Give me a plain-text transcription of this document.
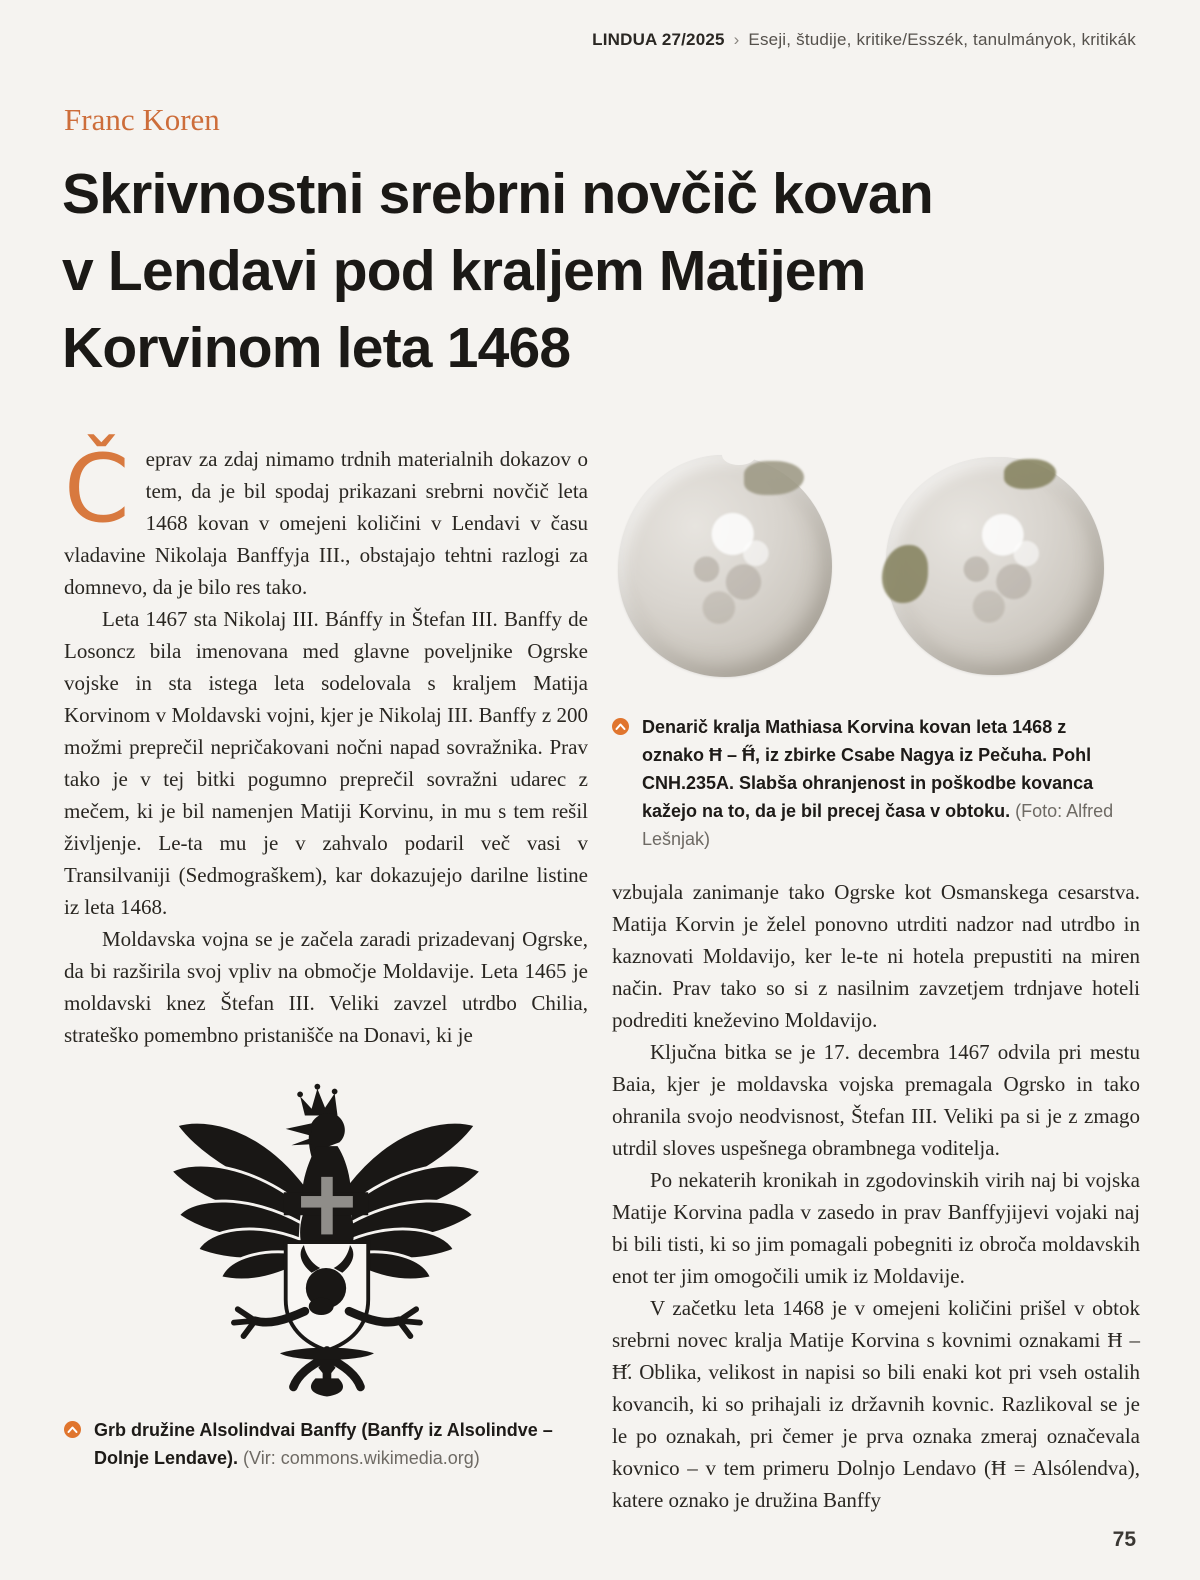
LINDUA 27/2025 › Eseji, študije, kritike/Esszék, tanulmányok, kritikák
Franc Koren
Skrivnostni srebrni novčič kovan
v Lendavi pod kraljem Matijem
Korvinom leta 1468

Čeprav za zdaj nimamo trdnih materialnih dokazov o tem, da je bil spodaj prikazani srebrni novčič leta 1468 kovan v omejeni količini v Lendavi v času vladavine Nikolaja Banffyja III., obstajajo tehtni razlogi za domnevo, da je bilo res tako.

Leta 1467 sta Nikolaj III. Bánffy in Štefan III. Banffy de Losoncz bila imenovana med glavne poveljnike Ogrske vojske in sta istega leta sodelovala s kraljem Matija Korvinom v Moldavski vojni, kjer je Nikolaj III. Banffy z 200 možmi preprečil nepričakovani nočni napad sovražnika. Prav tako je v tej bitki pogumno preprečil sovražni udarec z mečem, ki je bil namenjen Matiji Korvinu, in mu s tem rešil življenje. Le-ta mu je v zahvalo podaril več vasi v Transilvaniji (Sedmograškem), kar dokazujejo darilne listine iz leta 1468.

Moldavska vojna se je začela zaradi prizadevanj Ogrske, da bi razširila svoj vpliv na območje Moldavije. Leta 1465 je moldavski knez Štefan III. Veliki zavzel utrdbo Chilia, strateško pomembno pristanišče na Donavi, ki je

Grb družine Alsolindvai Banffy (Banffy iz Alsolindve – Dolnje Lendave). (Vir: commons.wikimedia.org)
Denarič kralja Mathiasa Korvina kovan leta 1468 z oznako Ħ – Ħ̋, iz zbirke Csabe Nagya iz Pečuha. Pohl CNH.235A. Slabša ohranjenost in poškodbe kovanca kažejo na to, da je bil precej časa v obtoku. (Foto: Alfred Lešnjak)

vzbujala zanimanje tako Ogrske kot Osmanskega cesarstva. Matija Korvin je želel ponovno utrditi nadzor nad utrdbo in kaznovati Moldavijo, ker le-te ni hotela prepustiti na miren način. Prav tako so si z nasilnim zavzetjem trdnjave hoteli podrediti kneževino Moldavijo.

Ključna bitka se je 17. decembra 1467 odvila pri mestu Baia, kjer je moldavska vojska premagala Ogrsko in tako ohranila svojo neodvisnost, Štefan III. Veliki pa si je z zmago utrdil sloves uspešnega obrambnega voditelja.

Po nekaterih kronikah in zgodovinskih virih naj bi vojska Matije Korvina padla v zasedo in prav Banffyjijevi vojaki naj bi bili tisti, ki so jim pomagali pobegniti iz obroča moldavskih enot ter jim omogočili umik iz Moldavije.

V začetku leta 1468 je v omejeni količini prišel v obtok srebrni novec kralja Matije Korvina s kovnimi oznakami Ħ – Ħ̋. Oblika, velikost in napisi so bili enaki kot pri vseh ostalih kovancih, ki so prihajali iz državnih kovnic. Razlikoval se je le po oznakah, pri čemer je prva oznaka zmeraj označevala kovnico – v tem primeru Dolnjo Lendavo (Ħ = Alsólendva), katere oznako je družina Banffy

75
